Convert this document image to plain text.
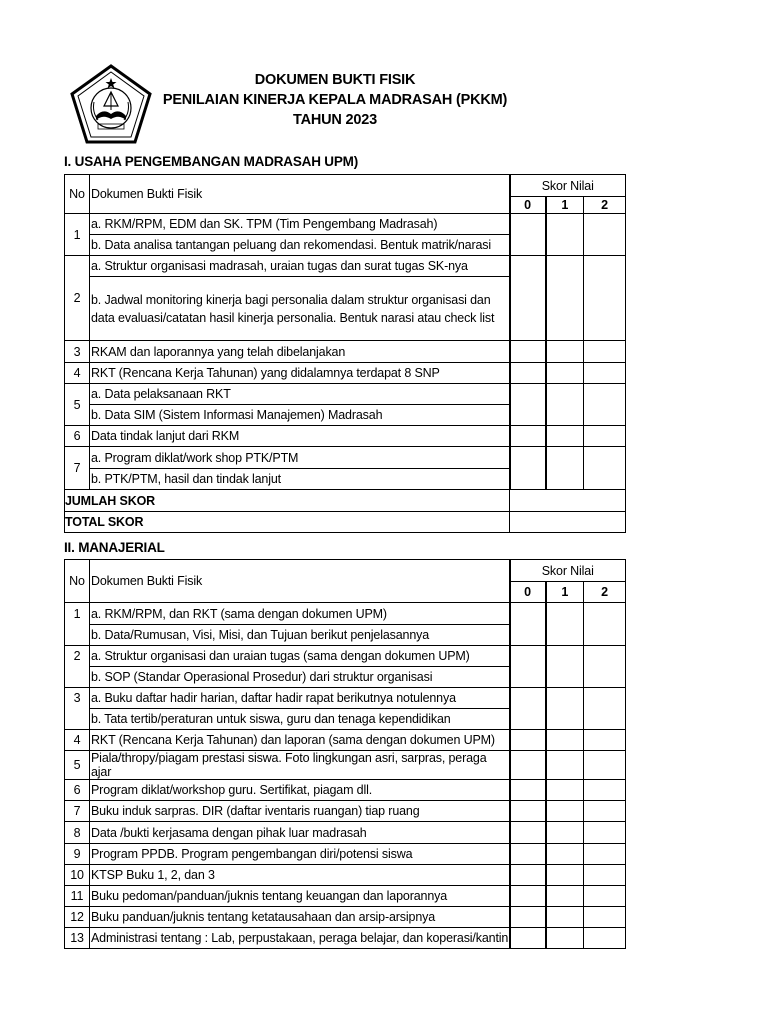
DOKUMEN BUKTI FISIK
PENILAIAN KINERJA KEPALA MADRASAH (PKKM)
TAHUN 2023
I. USAHA PENGEMBANGAN MADRASAH UPM)
No	Dokumen Bukti Fisik	Skor Nilai		
		0	1	2
1	a. RKM/RPM, EDM dan SK. TPM (Tim Pengembang Madrasah)			
	b. Data analisa tantangan peluang dan rekomendasi. Bentuk matrik/narasi			
2	a. Struktur organisasi madrasah, uraian tugas dan surat tugas SK-nya			
	b. Jadwal monitoring kinerja bagi personalia dalam struktur organisasi dan data evaluasi/catatan hasil kinerja personalia. Bentuk narasi atau check list			
3	RKAM dan laporannya yang telah dibelanjakan			
4	RKT (Rencana Kerja Tahunan) yang didalamnya terdapat 8 SNP			
5	a. Data pelaksanaan RKT			
	b. Data SIM (Sistem Informasi Manajemen) Madrasah			
6	Data tindak lanjut dari RKM			
7	a. Program diklat/work shop PTK/PTM			
	b. PTK/PTM, hasil dan tindak lanjut			
JUMLAH SKOR				
TOTAL SKOR				
II. MANAJERIAL
No	Dokumen Bukti Fisik	Skor Nilai		
		0	1	2
1	a. RKM/RPM, dan RKT (sama dengan dokumen UPM)			
	b. Data/Rumusan, Visi, Misi, dan Tujuan berikut penjelasannya			
2	a. Struktur organisasi dan uraian tugas (sama dengan dokumen UPM)			
	b. SOP (Standar Operasional Prosedur) dari struktur organisasi			
3	a. Buku daftar hadir harian, daftar hadir rapat berikutnya notulennya			
	b. Tata tertib/peraturan untuk siswa, guru dan tenaga kependidikan			
4	RKT (Rencana Kerja Tahunan) dan laporan (sama dengan dokumen UPM)			
5	Piala/thropy/piagam prestasi siswa. Foto lingkungan asri, sarpras, peraga ajar			
6	Program diklat/workshop guru. Sertifikat, piagam dll.			
7	Buku induk sarpras. DIR (daftar iventaris ruangan) tiap ruang			
8	Data /bukti kerjasama dengan pihak luar madrasah			
9	Program PPDB. Program pengembangan diri/potensi siswa			
10	KTSP Buku 1, 2, dan 3			
11	Buku pedoman/panduan/juknis tentang keuangan dan laporannya			
12	Buku panduan/juknis tentang ketatausahaan dan arsip-arsipnya			
13	Administrasi tentang : Lab, perpustakaan, peraga belajar, dan koperasi/kantin			
